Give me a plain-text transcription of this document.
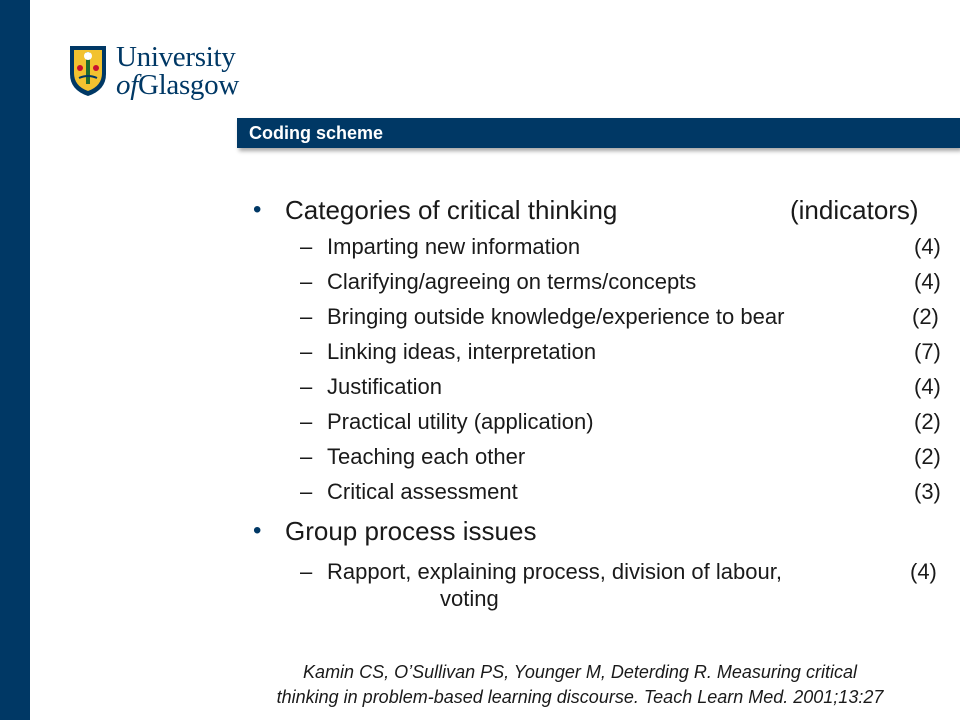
University
ofGlasgow
Coding scheme
• Categories of critical thinking	(indicators)
– Imparting new information	(4)
– Clarifying/agreeing on terms/concepts	(4)
– Bringing outside knowledge/experience to bear	(2)
– Linking ideas, interpretation	(7)
– Justification	(4)
– Practical utility (application)	(2)
– Teaching each other	(2)
– Critical assessment	(3)
• Group process issues
– Rapport, explaining process, division of labour,	(4)
voting
Kamin CS, O’Sullivan PS, Younger M, Deterding R. Measuring critical
thinking in problem-based learning discourse. Teach Learn Med. 2001;13:27
